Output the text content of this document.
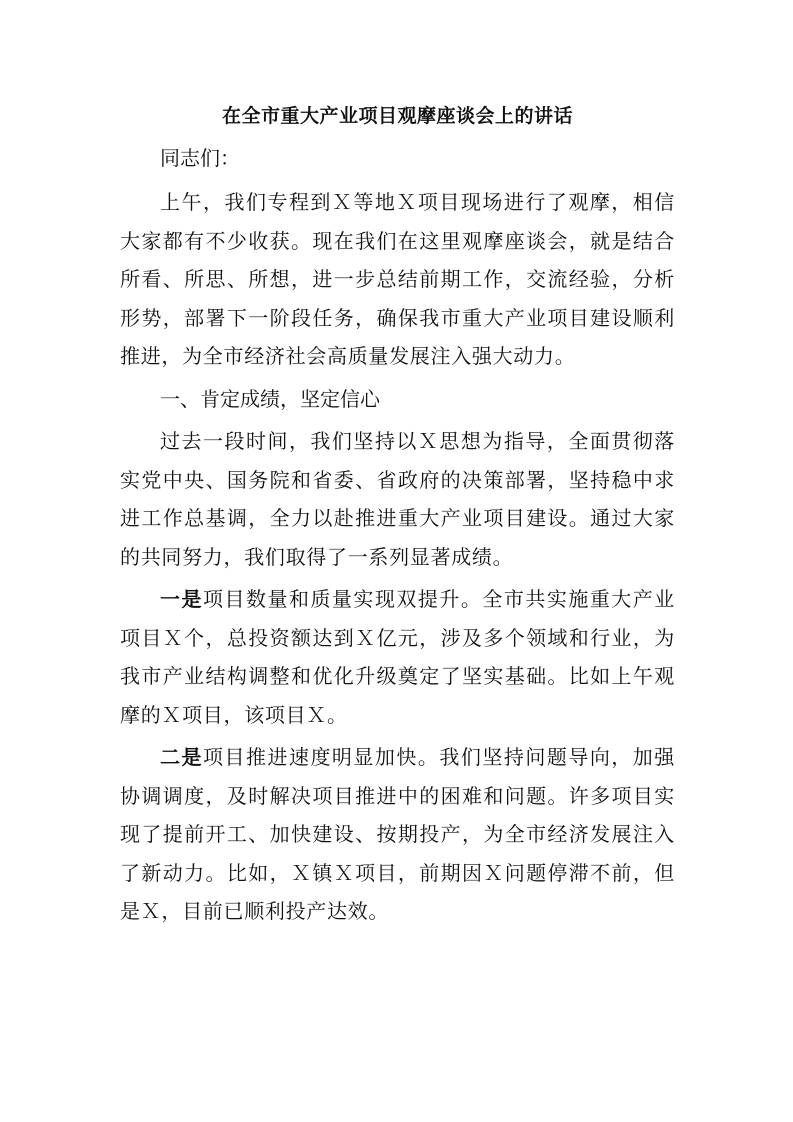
在全市重大产业项目观摩座谈会上的讲话

同志们：

上午，我们专程到Ｘ等地Ｘ项目现场进行了观摩，相信大家都有不少收获。现在我们在这里观摩座谈会，就是结合所看、所思、所想，进一步总结前期工作，交流经验，分析形势，部署下一阶段任务，确保我市重大产业项目建设顺利推进，为全市经济社会高质量发展注入强大动力。

一、肯定成绩，坚定信心

过去一段时间，我们坚持以Ｘ思想为指导，全面贯彻落实党中央、国务院和省委、省政府的决策部署，坚持稳中求进工作总基调，全力以赴推进重大产业项目建设。通过大家的共同努力，我们取得了一系列显著成绩。

一是项目数量和质量实现双提升。全市共实施重大产业项目Ｘ个，总投资额达到Ｘ亿元，涉及多个领域和行业，为我市产业结构调整和优化升级奠定了坚实基础。比如上午观摩的Ｘ项目，该项目Ｘ。

二是项目推进速度明显加快。我们坚持问题导向，加强协调调度，及时解决项目推进中的困难和问题。许多项目实现了提前开工、加快建设、按期投产，为全市经济发展注入了新动力。比如，Ｘ镇Ｘ项目，前期因Ｘ问题停滞不前，但是Ｘ，目前已顺利投产达效。
